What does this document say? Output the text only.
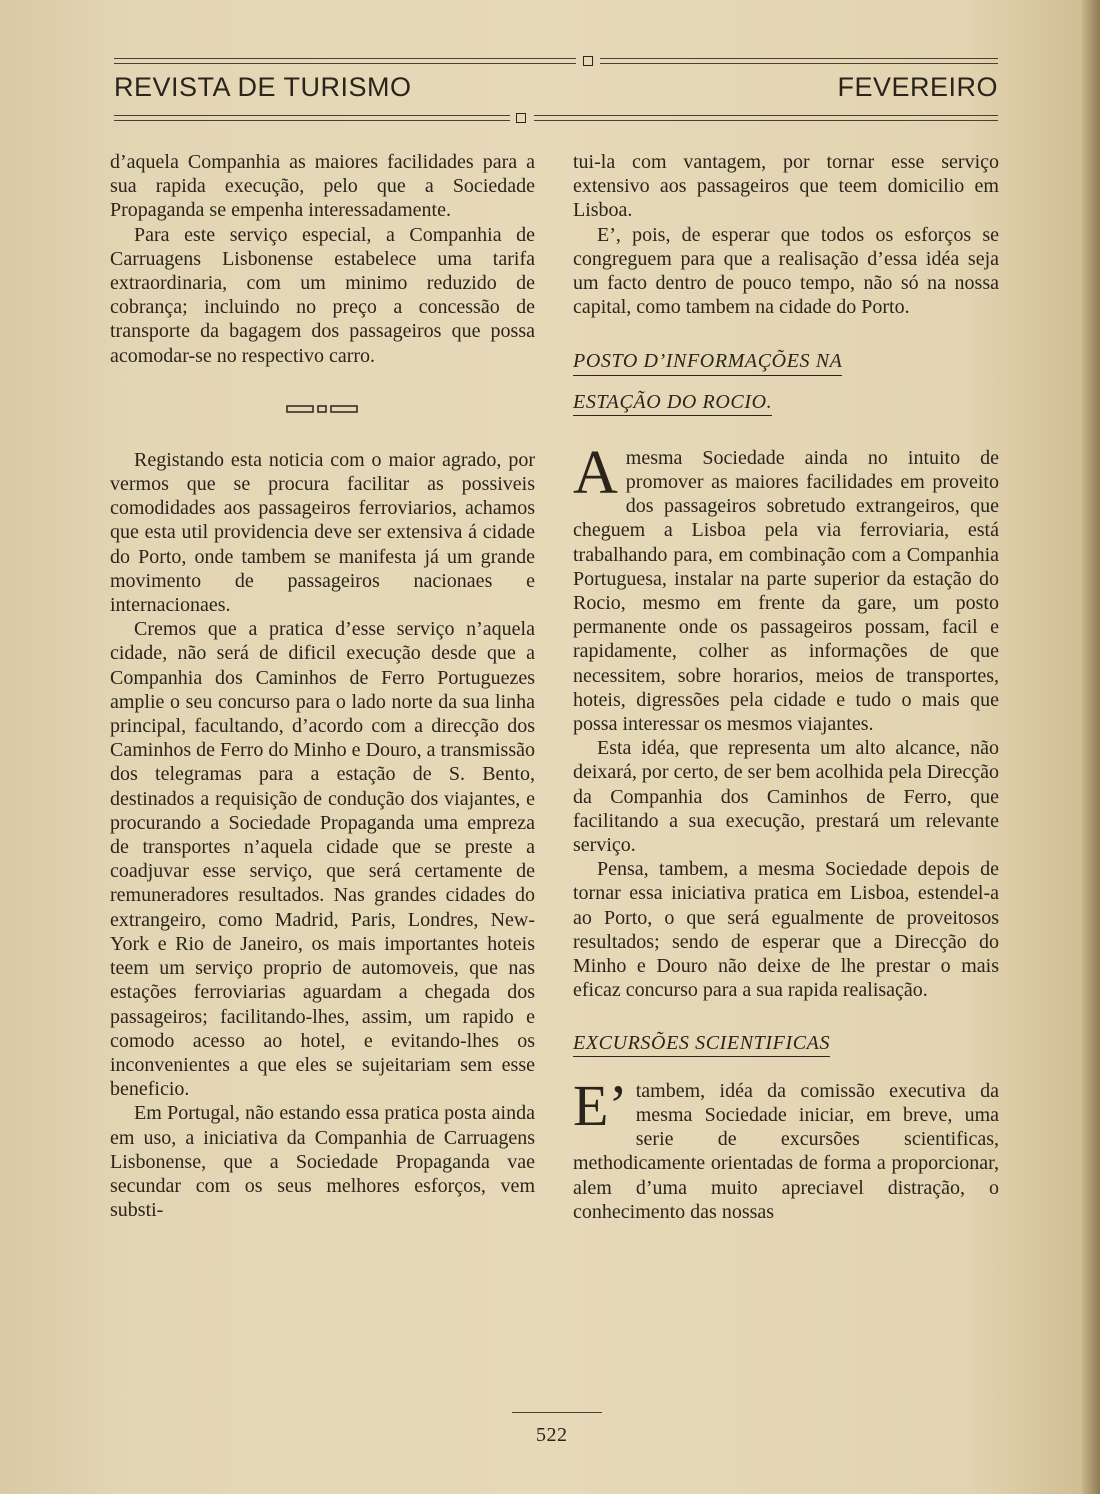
REVISTA DE TURISMO	FEVEREIRO

d’aquela Companhia as maiores facilidades para a sua rapida execução, pelo que a Sociedade Propaganda se empenha interessadamente.

Para este serviço especial, a Companhia de Carruagens Lisbonense estabelece uma tarifa extraordinaria, com um minimo reduzido de cobrança; incluindo no preço a concessão de transporte da bagagem dos passageiros que possa acomodar-se no respectivo carro.

Registando esta noticia com o maior agrado, por vermos que se procura facilitar as possiveis comodidades aos passageiros ferroviarios, achamos que esta util providencia deve ser extensiva á cidade do Porto, onde tambem se manifesta já um grande movimento de passageiros nacionaes e internacionaes.

Cremos que a pratica d’esse serviço n’aquela cidade, não será de dificil execução desde que a Companhia dos Caminhos de Ferro Portuguezes amplie o seu concurso para o lado norte da sua linha principal, facultando, d’acordo com a direcção dos Caminhos de Ferro do Minho e Douro, a transmissão dos telegramas para a estação de S. Bento, destinados a requisição de condução dos viajantes, e procurando a Sociedade Propaganda uma empreza de transportes n’aquela cidade que se preste a coadjuvar esse serviço, que será certamente de remuneradores resultados. Nas grandes cidades do extrangeiro, como Madrid, Paris, Londres, New-York e Rio de Janeiro, os mais importantes hoteis teem um serviço proprio de automoveis, que nas estações ferroviarias aguardam a chegada dos passageiros; facilitando-lhes, assim, um rapido e comodo acesso ao hotel, e evitando-lhes os inconvenientes a que eles se sujeitariam sem esse beneficio.

Em Portugal, não estando essa pratica posta ainda em uso, a iniciativa da Companhia de Carruagens Lisbonense, que a Sociedade Propaganda vae secundar com os seus melhores esforços, vem substi-

tui-la com vantagem, por tornar esse serviço extensivo aos passageiros que teem domicilio em Lisboa.

E’, pois, de esperar que todos os esforços se congreguem para que a realisação d’essa idéa seja um facto dentro de pouco tempo, não só na nossa capital, como tambem na cidade do Porto.

POSTO D’INFORMAÇÕES NA

ESTAÇÃO DO ROCIO.

Amesma Sociedade ainda no intuito de promover as maiores facilidades em proveito dos passageiros sobretudo extrangeiros, que cheguem a Lisboa pela via ferroviaria, está trabalhando para, em combinação com a Companhia Portuguesa, instalar na parte superior da estação do Rocio, mesmo em frente da gare, um posto permanente onde os passageiros possam, facil e rapidamente, colher as informações de que necessitem, sobre horarios, meios de transportes, hoteis, digressões pela cidade e tudo o mais que possa interessar os mesmos viajantes.

Esta idéa, que representa um alto alcance, não deixará, por certo, de ser bem acolhida pela Direcção da Companhia dos Caminhos de Ferro, que facilitando a sua execução, prestará um relevante serviço.

Pensa, tambem, a mesma Sociedade depois de tornar essa iniciativa pratica em Lisboa, estendel-a ao Porto, o que será egualmente de proveitosos resultados; sendo de esperar que a Direcção do Minho e Douro não deixe de lhe prestar o mais eficaz concurso para a sua rapida realisação.

EXCURSÕES SCIENTIFICAS

E’ tambem, idéa da comissão executiva da mesma Sociedade iniciar, em breve, uma serie de excursões scientificas, methodicamente orientadas de forma a proporcionar, alem d’uma muito apreciavel distração, o conhecimento das nossas

522
